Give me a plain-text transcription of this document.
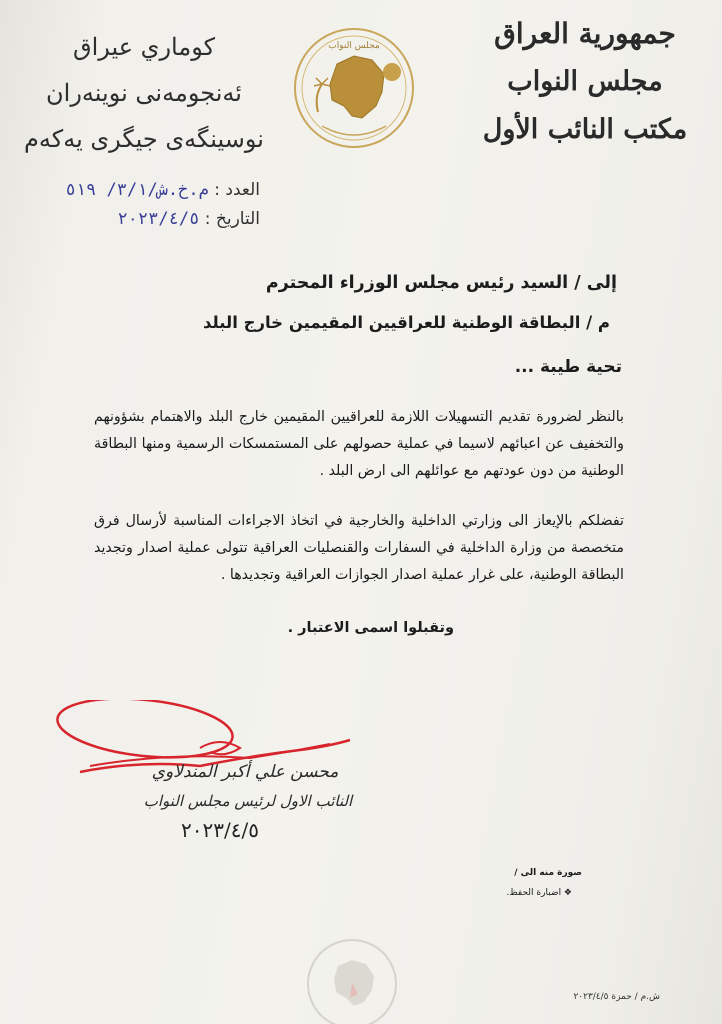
جمهورية العراق
مجلس النواب
مكتب النائب الأول
كوماري عيراق
ئه‌نجومه‌نی نوینه‌ران
نوسينگه‌ى جيگرى يه‌كه‌م
مجلس النواب
العدد : م.خ.ش/٣/١/ ٥١٩
التاريخ : ٢٠٢٣/٤/٥
إلى / السيد رئيس مجلس الوزراء المحترم
م / البطاقة الوطنية للعراقيين المقيمين خارج البلد
تحية طيبة ...
بالنظر لضرورة تقديم التسهيلات اللازمة للعراقيين المقيمين خارج البلد والاهتمام بشؤونهم والتخفيف عن اعبائهم لاسيما في عملية حصولهم على المستمسكات الرسمية ومنها البطاقة الوطنية من دون عودتهم مع عوائلهم الى ارض البلد .
تفضلكم بالإيعاز الى وزارتي الداخلية والخارجية في اتخاذ الاجراءات المناسبة لأرسال فرق متخصصة من وزارة الداخلية في السفارات والقنصليات العراقية تتولى عملية اصدار وتجديد البطاقة الوطنية، على غرار عملية اصدار الجوازات العراقية وتجديدها .
وتقبلوا اسمى الاعتبار .
محسن علي أكبر المندلاوي
النائب الاول لرئيس مجلس النواب
٢٠٢٣/٤/٥
صورة منه الى /
❖ اضبارة الحفظ.
ش.م / حمزة ٢٠٢٣/٤/٥
